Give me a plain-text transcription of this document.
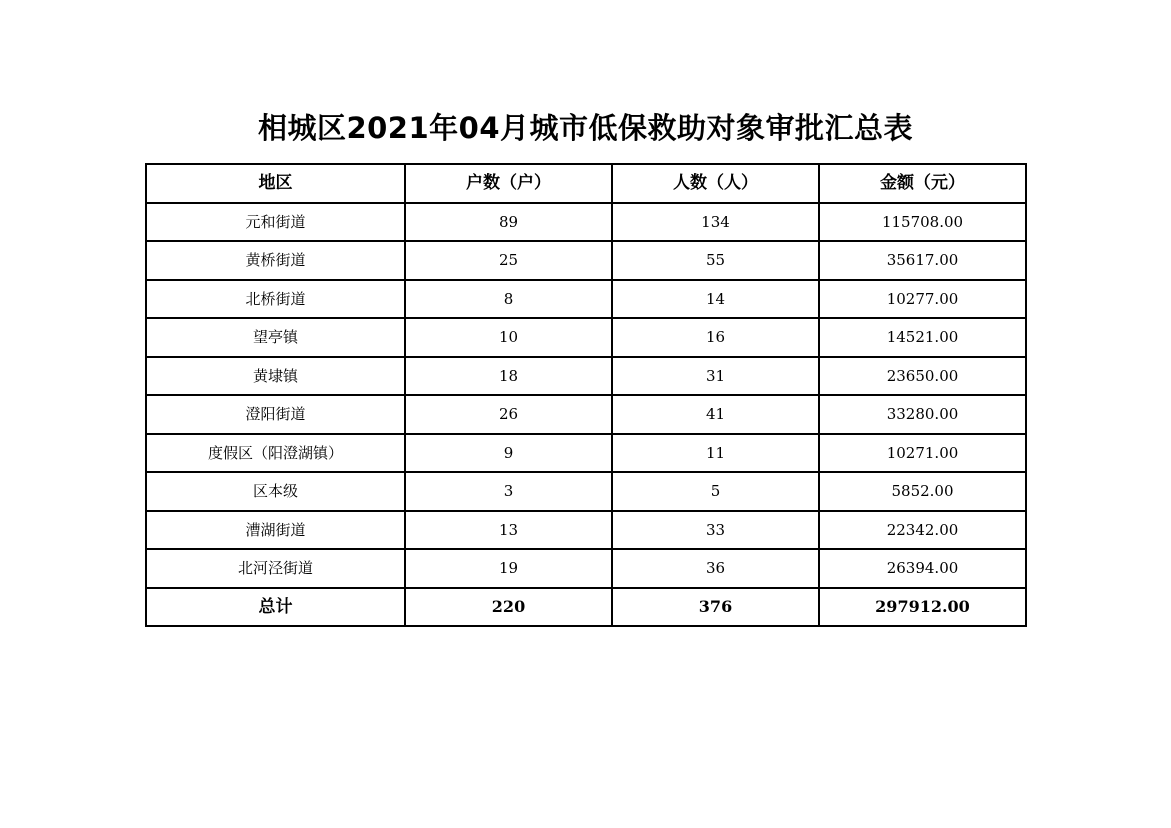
相城区2021年04月城市低保救助对象审批汇总表
地区	户数（户）	人数（人）	金额（元）
元和街道	89	134	115708.00
黄桥街道	25	55	35617.00
北桥街道	8	14	10277.00
望亭镇	10	16	14521.00
黄埭镇	18	31	23650.00
澄阳街道	26	41	33280.00
度假区（阳澄湖镇）	9	11	10271.00
区本级	3	5	5852.00
漕湖街道	13	33	22342.00
北河泾街道	19	36	26394.00
总计	220	376	297912.00
